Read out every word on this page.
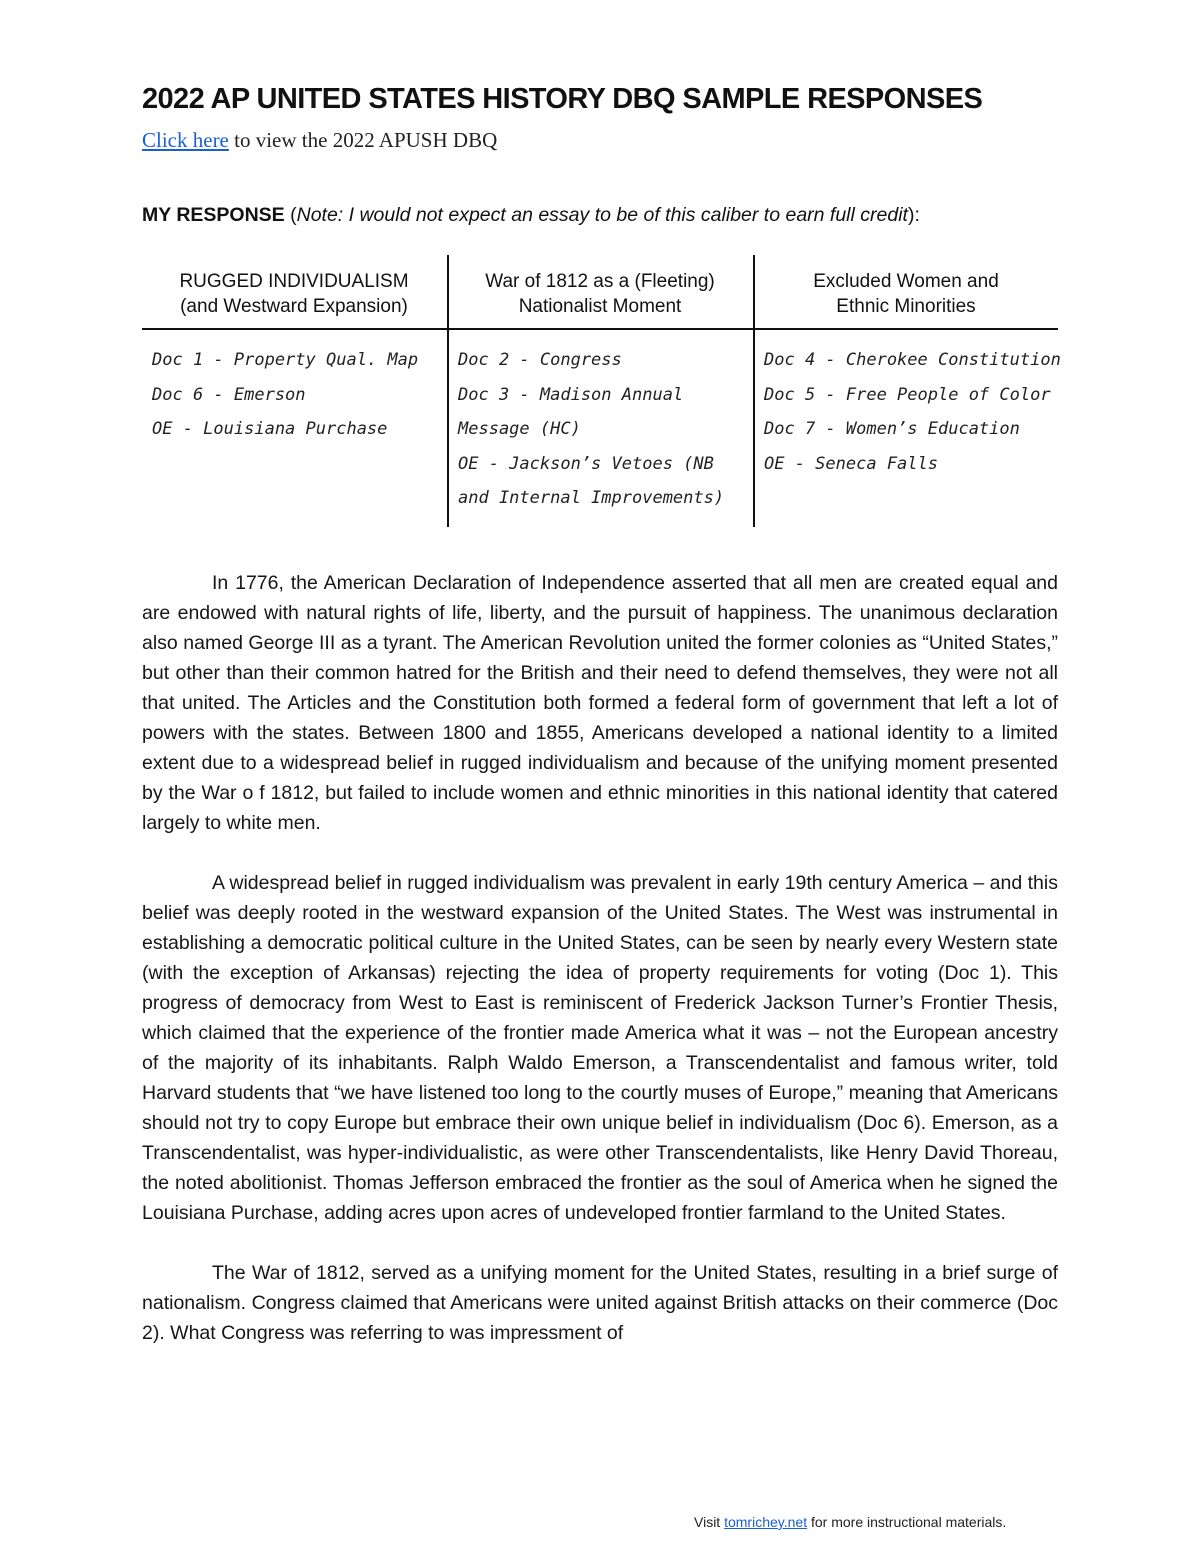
2022 AP UNITED STATES HISTORY DBQ SAMPLE RESPONSES
Click here to view the 2022 APUSH DBQ
MY RESPONSE (Note: I would not expect an essay to be of this caliber to earn full credit):
RUGGED INDIVIDUALISM
(and Westward Expansion)
War of 1812 as a (Fleeting)
Nationalist Moment
Excluded Women and
Ethnic Minorities
Doc 1 - Property Qual. Map
Doc 6 - Emerson
OE - Louisiana Purchase
Doc 2 - Congress
Doc 3 - Madison Annual
Message (HC)
OE - Jackson’s Vetoes (NB
and Internal Improvements)
Doc 4 - Cherokee Constitution
Doc 5 - Free People of Color
Doc 7 - Women’s Education
OE - Seneca Falls

In 1776, the American Declaration of Independence asserted that all men are created equal and are endowed with natural rights of life, liberty, and the pursuit of happiness. The unanimous declaration also named George III as a tyrant. The American Revolution united the former colonies as “United States,” but other than their common hatred for the British and their need to defend themselves, they were not all that united. The Articles and the Constitution both formed a federal form of government that left a lot of powers with the states. Between 1800 and 1855, Americans developed a national identity to a limited extent due to a widespread belief in rugged individualism and because of the unifying moment presented by the War o f 1812, but failed to include women and ethnic minorities in this national identity that catered largely to white men.

A widespread belief in rugged individualism was prevalent in early 19th century America – and this belief was deeply rooted in the westward expansion of the United States. The West was instrumental in establishing a democratic political culture in the United States, can be seen by nearly every Western state (with the exception of Arkansas) rejecting the idea of property requirements for voting (Doc 1). This progress of democracy from West to East is reminiscent of Frederick Jackson Turner’s Frontier Thesis, which claimed that the experience of the frontier made America what it was – not the European ancestry of the majority of its inhabitants. Ralph Waldo Emerson, a Transcendentalist and famous writer, told Harvard students that “we have listened too long to the courtly muses of Europe,” meaning that Americans should not try to copy Europe but embrace their own unique belief in individualism (Doc 6). Emerson, as a Transcendentalist, was hyper-individualistic, as were other Transcendentalists, like Henry David Thoreau, the noted abolitionist. Thomas Jefferson embraced the frontier as the soul of America when he signed the Louisiana Purchase, adding acres upon acres of undeveloped frontier farmland to the United States.

The War of 1812, served as a unifying moment for the United States, resulting in a brief surge of nationalism. Congress claimed that Americans were united against British attacks on their commerce (Doc 2). What Congress was referring to was impressment of

Visit tomrichey.net for more instructional materials.
